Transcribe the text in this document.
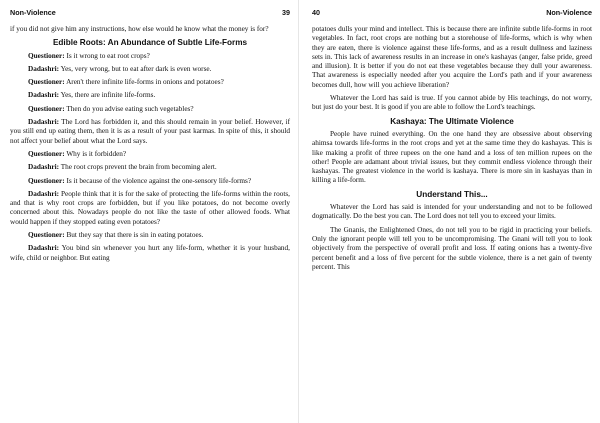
Non-Violence	39

if you did not give him any instructions, how else would he know what the money is for?

Edible Roots: An Abundance of Subtle Life-Forms

Questioner: Is it wrong to eat root crops?

Dadashri: Yes, very wrong, but to eat after dark is even worse.

Questioner: Aren't there infinite life-forms in onions and potatoes?

Dadashri: Yes, there are infinite life-forms.

Questioner: Then do you advise eating such vegetables?

Dadashri: The Lord has forbidden it, and this should remain in your belief. However, if you still end up eating them, then it is as a result of your past karmas. In spite of this, it should not affect your belief about what the Lord says.

Questioner: Why is it forbidden?

Dadashri: The root crops prevent the brain from becoming alert.

Questioner: Is it because of the violence against the one-sensory life-forms?

Dadashri: People think that it is for the sake of protecting the life-forms within the roots, and that is why root crops are forbidden, but if you like potatoes, do not become overly concerned about this. Nowadays people do not like the taste of other allowed foods. What would happen if they stopped eating even potatoes?

Questioner: But they say that there is sin in eating potatoes.

Dadashri: You bind sin whenever you hurt any life-form, whether it is your husband, wife, child or neighbor. But eating

40	Non-Violence

potatoes dulls your mind and intellect. This is because there are infinite subtle life-forms in root vegetables. In fact, root crops are nothing but a storehouse of life-forms, which is why when they are eaten, there is violence against these life-forms, and as a result dullness and laziness sets in. This lack of awareness results in an increase in one's kashayas (anger, false pride, greed and illusion). It is better if you do not eat these vegetables because they dull your awareness. That awareness is especially needed after you acquire the Lord's path and if your awareness becomes dull, how will you achieve liberation?

Whatever the Lord has said is true. If you cannot abide by His teachings, do not worry, but just do your best. It is good if you are able to follow the Lord's teachings.

Kashaya: The Ultimate Violence

People have ruined everything. On the one hand they are obsessive about observing ahimsa towards life-forms in the root crops and yet at the same time they do kashayas. This is like making a profit of three rupees on the one hand and a loss of ten million rupees on the other! People are adamant about trivial issues, but they commit endless violence through their kashayas. The greatest violence in the world is kashaya. There is more sin in kashayas than in killing a life-form.

Understand This...

Whatever the Lord has said is intended for your understanding and not to be followed dogmatically. Do the best you can. The Lord does not tell you to exceed your limits.

The Gnanis, the Enlightened Ones, do not tell you to be rigid in practicing your beliefs. Only the ignorant people will tell you to be uncompromising. The Gnani will tell you to look objectively from the perspective of overall profit and loss. If eating onions has a twenty-five percent benefit and a loss of five percent for the subtle violence, there is a net gain of twenty percent. This
